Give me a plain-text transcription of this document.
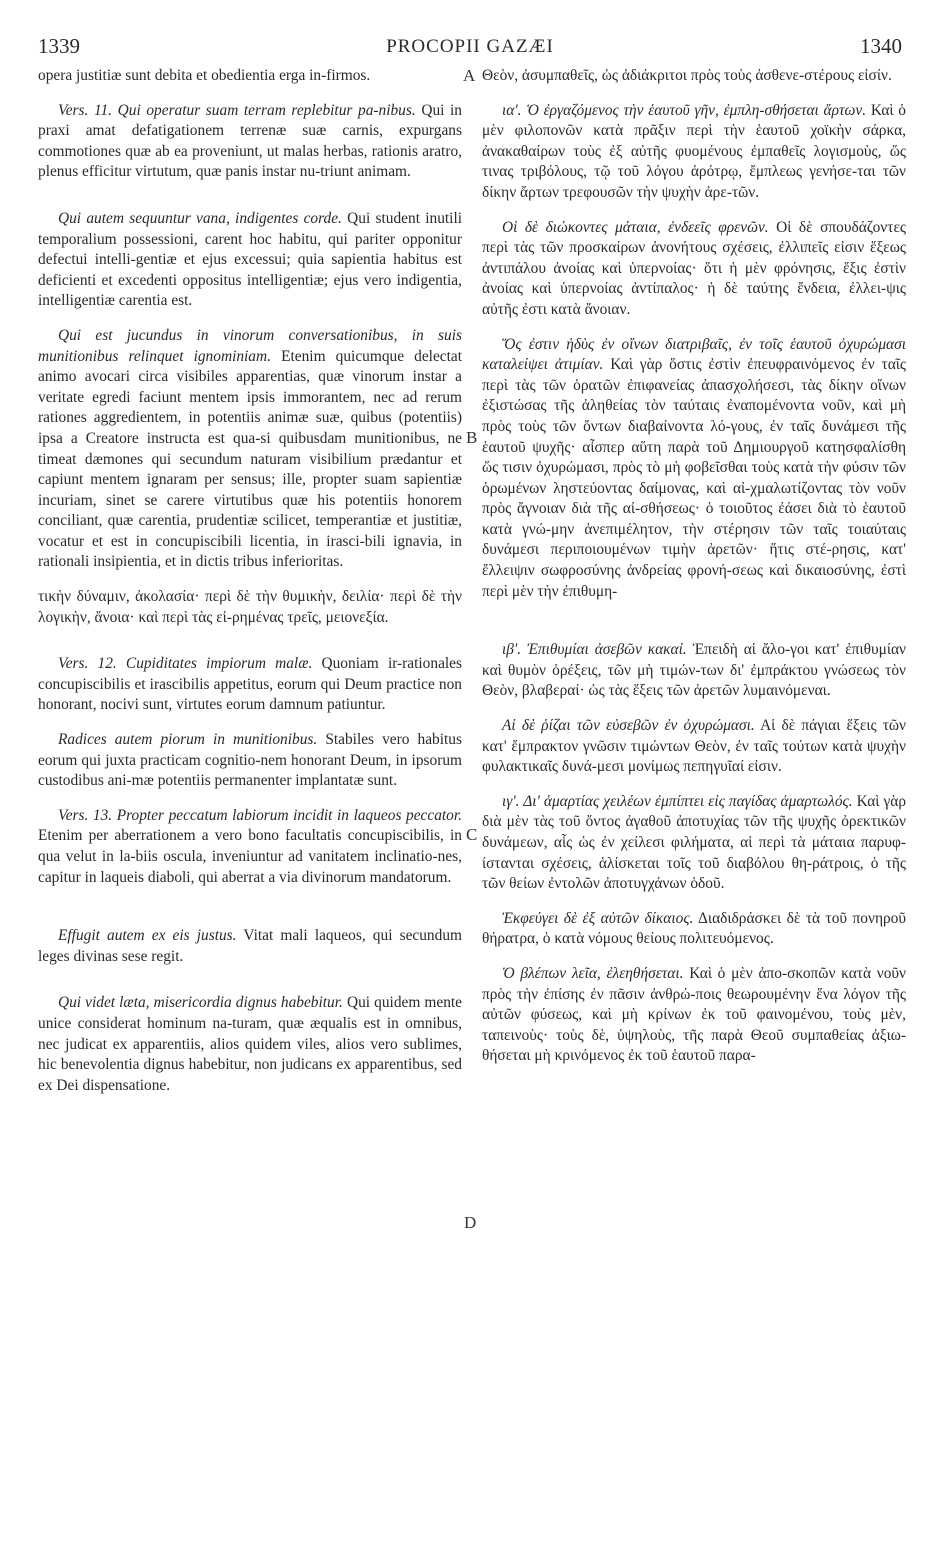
1339	PROCOPII GAZÆI	1340
A
B
C
D

opera justitiæ sunt debita et obedientia erga in-firmos.

Vers. 11. Qui operatur suam terram replebitur pa-nibus. Qui in praxi amat defatigationem terrenæ suæ carnis, expurgans commotiones quæ ab ea proveniunt, ut malas herbas, rationis aratro, plenus efficitur virtutum, quæ panis instar nu-triunt animam.

Qui autem sequuntur vana, indigentes corde. Qui student inutili temporalium possessioni, carent hoc habitu, qui pariter opponitur defectui intelli-gentiæ et ejus excessui; quia sapientia habitus est deficienti et excedenti oppositus intelligentiæ; ejus vero indigentia, intelligentiæ carentia est.

Qui est jucundus in vinorum conversationibus, in suis munitionibus relinquet ignominiam. Etenim quicumque delectat animo avocari circa visibiles apparentias, quæ vinorum instar a veritate egredi faciunt mentem ipsis immorantem, nec ad rerum rationes aggredientem, in potentiis animæ suæ, quibus (potentiis) ipsa a Creatore instructa est qua-si quibusdam munitionibus, ne timeat dæmones qui secundum naturam visibilium prædantur et capiunt mentem ignaram per sensus; ille, propter suam sapientiæ incuriam, sinet se carere virtutibus quæ his potentiis honorem conciliant, quæ carentia, prudentiæ scilicet, temperantiæ et justitiæ, vocatur et est in concupiscibili licentia, in irasci-bili ignavia, in rationali insipientia, et in dictis tribus inferioritas.

τικὴν δύναμιν, ἀκολασία· περὶ δὲ τὴν θυμικὴν, δειλία· περὶ δὲ τὴν λογικὴν, ἄνοια· καὶ περὶ τὰς εἰ-ρημένας τρεῖς, μειονεξία.

Vers. 12. Cupiditates impiorum malæ. Quoniam ir-rationales concupiscibilis et irascibilis appetitus, eorum qui Deum practice non honorant, nocivi sunt, virtutes eorum damnum patiuntur.

Radices autem piorum in munitionibus. Stabiles vero habitus eorum qui juxta practicam cognitio-nem honorant Deum, in ipsorum custodibus ani-mæ potentiis permanenter implantatæ sunt.

Vers. 13. Propter peccatum labiorum incidit in laqueos peccator. Etenim per aberrationem a vero bono facultatis concupiscibilis, in qua velut in la-biis oscula, inveniuntur ad vanitatem inclinatio-nes, capitur in laqueis diaboli, qui aberrat a via divinorum mandatorum.

Effugit autem ex eis justus. Vitat mali laqueos, qui secundum leges divinas sese regit.

Qui videt læta, misericordia dignus habebitur. Qui quidem mente unice considerat hominum na-turam, quæ æqualis est in omnibus, nec judicat ex apparentiis, alios quidem viles, alios vero sublimes, hic benevolentia dignus habebitur, non judicans ex apparentibus, sed ex Dei dispensatione.

Θεὸν, ἀσυμπαθεῖς, ὡς ἀδιάκριτοι πρὸς τοὺς ἀσθενε-στέρους εἰσίν.

ια'. Ὁ ἐργαζόμενος τὴν ἑαυτοῦ γῆν, ἐμπλη-σθήσεται ἄρτων. Καὶ ὁ μὲν φιλοπονῶν κατὰ πρᾶξιν περὶ τὴν ἑαυτοῦ χοϊκὴν σάρκα, ἀνακαθαίρων τοὺς ἐξ αὐτῆς φυομένους ἐμπαθεῖς λογισμοὺς, ὥς τινας τριβόλους, τῷ τοῦ λόγου ἀρότρῳ, ἔμπλεως γενήσε-ται τῶν δίκην ἄρτων τρεφουσῶν τὴν ψυχὴν ἀρε-τῶν.

Οἱ δὲ διώκοντες μάταια, ἐνδεεῖς φρενῶν. Οἱ δὲ σπουδάζοντες περὶ τὰς τῶν προσκαίρων ἀνονήτους σχέσεις, ἐλλιπεῖς εἰσιν ἕξεως ἀντιπάλου ἀνοίας καὶ ὑπερνοίας· ὅτι ἡ μὲν φρόνησις, ἕξις ἐστὶν ἀνοίας καὶ ὑπερνοίας ἀντίπαλος· ἡ δὲ ταύτης ἔνδεια, ἐλλει-ψις αὐτῆς ἐστι κατὰ ἄνοιαν.

Ὅς ἐστιν ἡδὺς ἐν οἴνων διατριβαῖς, ἐν τοῖς ἑαυτοῦ ὀχυρώμασι καταλείψει ἀτιμίαν. Καὶ γὰρ ὅστις ἐστὶν ἐπευφραινόμενος ἐν ταῖς περὶ τὰς τῶν ὁρατῶν ἐπιφανείας ἀπασχολήσεσι, τὰς δίκην οἴνων ἐξιστώσας τῆς ἀληθείας τὸν ταύταις ἐναπομένοντα νοῦν, καὶ μὴ πρὸς τοὺς τῶν ὄντων διαβαίνοντα λό-γους, ἐν ταῖς δυνάμεσι τῆς ἑαυτοῦ ψυχῆς· αἷσπερ αὕτη παρὰ τοῦ Δημιουργοῦ κατησφαλίσθη ὥς τισιν ὀχυρώμασι, πρὸς τὸ μὴ φοβεῖσθαι τοὺς κατὰ τὴν φύσιν τῶν ὁρωμένων ληστεύοντας δαίμονας, καὶ αἰ-χμαλωτίζοντας τὸν νοῦν πρὸς ἄγνοιαν διὰ τῆς αἰ-σθήσεως· ὁ τοιοῦτος ἐάσει διὰ τὸ ἑαυτοῦ κατὰ γνώ-μην ἀνεπιμέλητον, τὴν στέρησιν τῶν ταῖς τοιαύταις δυνάμεσι περιποιουμένων τιμὴν ἀρετῶν· ἥτις στέ-ρησις, κατ' ἔλλειψιν σωφροσύνης ἀνδρείας φρονή-σεως καὶ δικαιοσύνης, ἐστὶ περὶ μὲν τὴν ἐπιθυμη-

ιβ'. Ἐπιθυμίαι ἀσεβῶν κακαί. Ἐπειδὴ αἱ ἄλο-γοι κατ' ἐπιθυμίαν καὶ θυμὸν ὀρέξεις, τῶν μὴ τιμών-των δι' ἐμπράκτου γνώσεως τὸν Θεὸν, βλαβεραί· ὡς τὰς ἕξεις τῶν ἀρετῶν λυμαινόμεναι.

Αἱ δὲ ῥίζαι τῶν εὐσεβῶν ἐν ὀχυρώμασι. Αἱ δὲ πάγιαι ἕξεις τῶν κατ' ἔμπρακτον γνῶσιν τιμώντων Θεὸν, ἐν ταῖς τούτων κατὰ ψυχὴν φυλακτικαῖς δυνά-μεσι μονίμως πεπηγυῖαί εἰσιν.

ιγ'. Δι' ἁμαρτίας χειλέων ἐμπίπτει εἰς παγίδας ἁμαρτωλός. Καὶ γὰρ διὰ μὲν τὰς τοῦ ὄντος ἀγαθοῦ ἀποτυχίας τῶν τῆς ψυχῆς ὀρεκτικῶν δυνάμεων, αἷς ὡς ἐν χείλεσι φιλήματα, αἱ περὶ τὰ μάταια παρυφ-ίστανται σχέσεις, ἁλίσκεται τοῖς τοῦ διαβόλου θη-ράτροις, ὁ τῆς τῶν θείων ἐντολῶν ἀποτυγχάνων ὁδοῦ.

Ἐκφεύγει δὲ ἐξ αὐτῶν δίκαιος. Διαδιδράσκει δὲ τὰ τοῦ πονηροῦ θήρατρα, ὁ κατὰ νόμους θείους πολιτευόμενος.

Ὁ βλέπων λεῖα, ἐλεηθήσεται. Καὶ ὁ μὲν ἀπο-σκοπῶν κατὰ νοῦν πρὸς τὴν ἐπίσης ἐν πᾶσιν ἀνθρώ-ποις θεωρουμένην ἕνα λόγον τῆς αὐτῶν φύσεως, καὶ μὴ κρίνων ἐκ τοῦ φαινομένου, τοὺς μὲν, ταπεινοὺς· τοὺς δὲ, ὑψηλοὺς, τῆς παρὰ Θεοῦ συμπαθείας ἀξιω-θήσεται μὴ κρινόμενος ἐκ τοῦ ἑαυτοῦ παρα-
